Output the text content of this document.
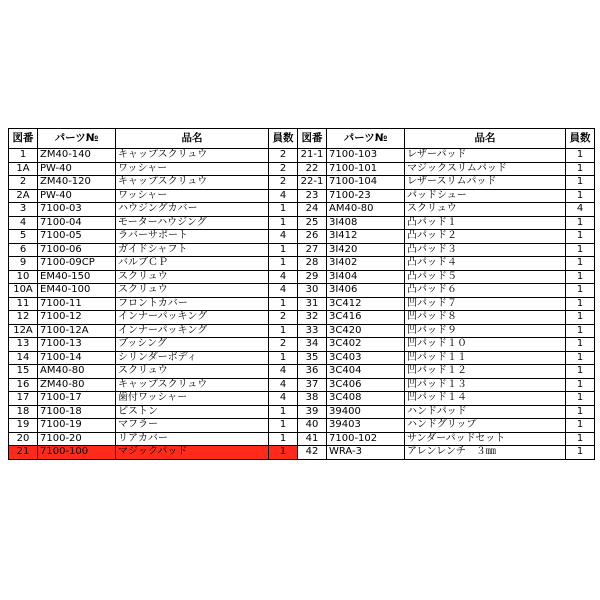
図番	パーツ№	品名	員数	図番	パーツ№	品名	員数
1	ZM40-140	キャップスクリュウ	2	21-1	7100-103	レザーパッド	1
1A	PW-40	ワッシャー	2	22	7100-101	マジックスリムパッド	1
2	ZM40-120	キャップスクリュウ	2	22-1	7100-104	レザースリムパッド	1
2A	PW-40	ワッシャー	4	23	7100-23	パッドシュー	1
3	7100-03	ハウジングカバー	1	24	AM40-80	スクリュウ	4
4	7100-04	モーターハウジング	1	25	3I408	凸パッド１	1
5	7100-05	ラバーサポート	4	26	3I412	凸パッド２	1
6	7100-06	ガイドシャフト	1	27	3I420	凸パッド３	1
9	7100-09CP	バルブＣＰ	1	28	3I402	凸パッド４	1
10	EM40-150	スクリュウ	4	29	3I404	凸パッド５	1
10A	EM40-100	スクリュウ	4	30	3I406	凸パッド６	1
11	7100-11	フロントカバー	1	31	3C412	凹パッド７	1
12	7100-12	インナーパッキング	2	32	3C416	凹パッド８	1
12A	7100-12A	インナーパッキング	1	33	3C420	凹パッド９	1
13	7100-13	ブッシング	2	34	3C402	凹パッド１０	1
14	7100-14	シリンダーボディ	1	35	3C403	凹パッド１１	1
15	AM40-80	スクリュウ	4	36	3C404	凹パッド１２	1
16	ZM40-80	キャップスクリュウ	4	37	3C406	凹パッド１３	1
17	7100-17	歯付ワッシャー	4	38	3C408	凹パッド１４	1
18	7100-18	ピストン	1	39	39400	ハンドパッド	1
19	7100-19	マフラー	1	40	39403	ハンドグリップ	1
20	7100-20	リアカバー	1	41	7100-102	サンダーパッドセット	1
21	7100-100	マジックパッド	1	42	WRA-3	アレンレンチ　３㎜	1
